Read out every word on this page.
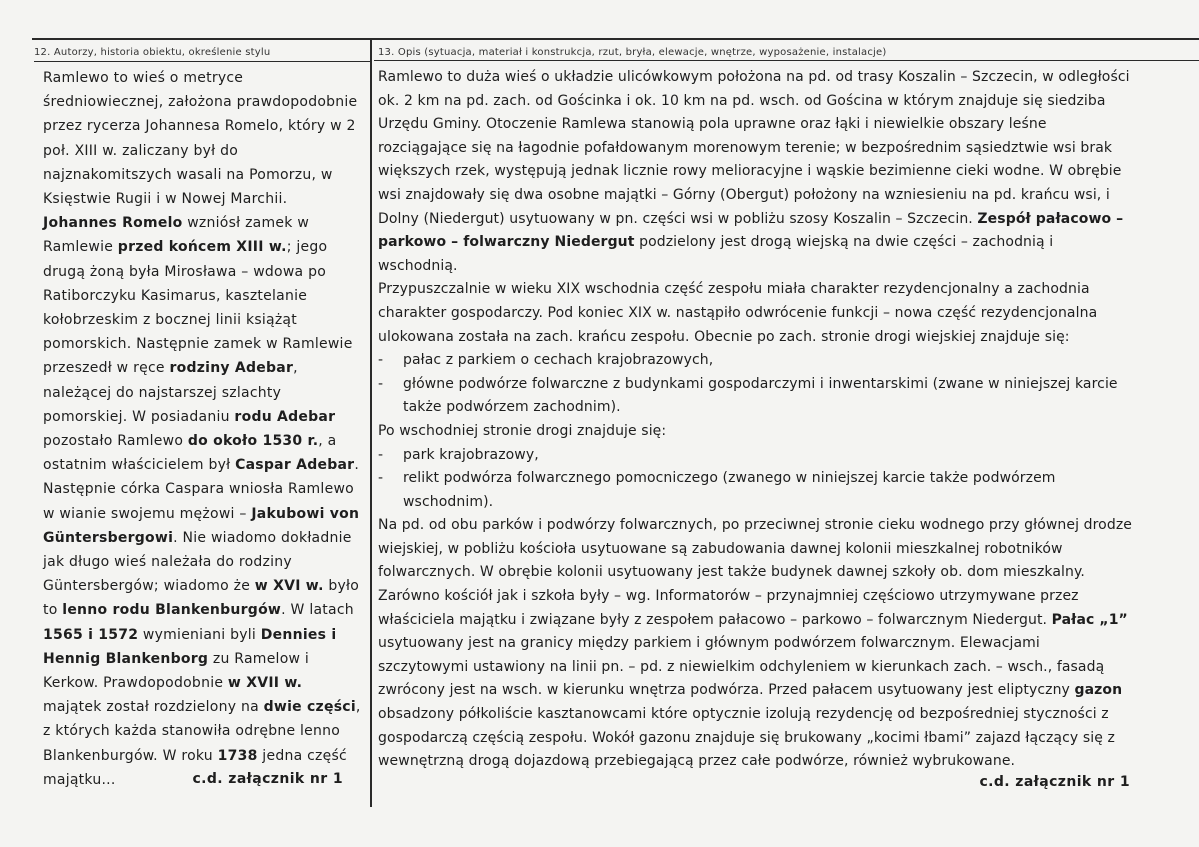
12. Autorzy, historia obiektu, określenie stylu	13. Opis (sytuacja, materiał i konstrukcja, rzut, bryła, elewacje, wnętrze, wyposażenie, instalacje)

Ramlewo to wieś o metryce średniowiecznej, założona prawdopodobnie przez rycerza Johannesa Romelo, który w 2 poł. XIII w. zaliczany był do najznakomitszych wasali na Pomorzu, w Księstwie Rugii i w Nowej Marchii.

Johannes Romelo wzniósł zamek w Ramlewie przed końcem XIII w.; jego drugą żoną była Mirosława – wdowa po Ratiborczyku Kasimarus, kasztelanie kołobrzeskim z bocznej linii książąt pomorskich. Następnie zamek w Ramlewie przeszedł w ręce rodziny Adebar, należącej do najstarszej szlachty pomorskiej. W posiadaniu rodu Adebar pozostało Ramlewo do około 1530 r., a ostatnim właścicielem był Caspar Adebar. Następnie córka Caspara wniosła Ramlewo w wianie swojemu mężowi – Jakubowi von Güntersbergowi. Nie wiadomo dokładnie jak długo wieś należała do rodziny Güntersbergów; wiadomo że w XVI w. było to lenno rodu Blankenburgów. W latach 1565 i 1572 wymieniani byli Dennies i Hennig Blankenborg zu Ramelow i Kerkow. Prawdopodobnie w XVII w. majątek został rozdzielony na dwie części, z których każda stanowiła odrębne lenno Blankenburgów. W roku 1738 jedna część majątku...	c.d. załącznik nr 1

Ramlewo to duża wieś o układzie ulicówkowym położona na pd. od trasy Koszalin – Szczecin, w odległości ok. 2 km na pd. zach. od Gościnka i ok. 10 km na pd. wsch. od Gościna w którym znajduje się siedziba Urzędu Gminy. Otoczenie Ramlewa stanowią pola uprawne oraz łąki i niewielkie obszary leśne rozciągające się na łagodnie pofałdowanym morenowym terenie; w bezpośrednim sąsiedztwie wsi brak większych rzek, występują jednak licznie rowy melioracyjne i wąskie bezimienne cieki wodne. W obrębie wsi znajdowały się dwa osobne majątki – Górny (Obergut) położony na wzniesieniu na pd. krańcu wsi, i Dolny (Niedergut) usytuowany w pn. części wsi w pobliżu szosy Koszalin – Szczecin. Zespół pałacowo – parkowo – folwarczny Niedergut podzielony jest drogą wiejską na dwie części – zachodnią i wschodnią.

Przypuszczalnie w wieku XIX wschodnia część zespołu miała charakter rezydencjonalny a zachodnia charakter gospodarczy. Pod koniec XIX w. nastąpiło odwrócenie funkcji – nowa część rezydencjonalna ulokowana została na zach. krańcu zespołu. Obecnie po zach. stronie drogi wiejskiej znajduje się:

-	pałac z parkiem o cechach krajobrazowych,
-	główne podwórze folwarczne z budynkami gospodarczymi i inwentarskimi (zwane w niniejszej karcie także podwórzem zachodnim).

Po wschodniej stronie drogi znajduje się:

-	park krajobrazowy,
-	relikt podwórza folwarcznego pomocniczego (zwanego w niniejszej karcie także podwórzem wschodnim).

Na pd. od obu parków i podwórzy folwarcznych, po przeciwnej stronie cieku wodnego przy głównej drodze wiejskiej, w pobliżu kościoła usytuowane są zabudowania dawnej kolonii mieszkalnej robotników folwarcznych. W obrębie kolonii usytuowany jest także budynek dawnej szkoły ob. dom mieszkalny.

Zarówno kościół jak i szkoła były – wg. Informatorów – przynajmniej częściowo utrzymywane przez właściciela majątku i związane były z zespołem pałacowo – parkowo – folwarcznym Niedergut. Pałac „1” usytuowany jest na granicy między parkiem i głównym podwórzem folwarcznym. Elewacjami szczytowymi ustawiony na linii pn. – pd. z niewielkim odchyleniem w kierunkach zach. – wsch., fasadą zwrócony jest na wsch. w kierunku wnętrza podwórza. Przed pałacem usytuowany jest eliptyczny gazon obsadzony półkoliście kasztanowcami które optycznie izolują rezydencję od bezpośredniej styczności z gospodarczą częścią zespołu. Wokół gazonu znajduje się brukowany „kocimi łbami” zajazd łączący się z wewnętrzną drogą dojazdową przebiegającą przez całe podwórze, również wybrukowane.

c.d. załącznik nr 1
